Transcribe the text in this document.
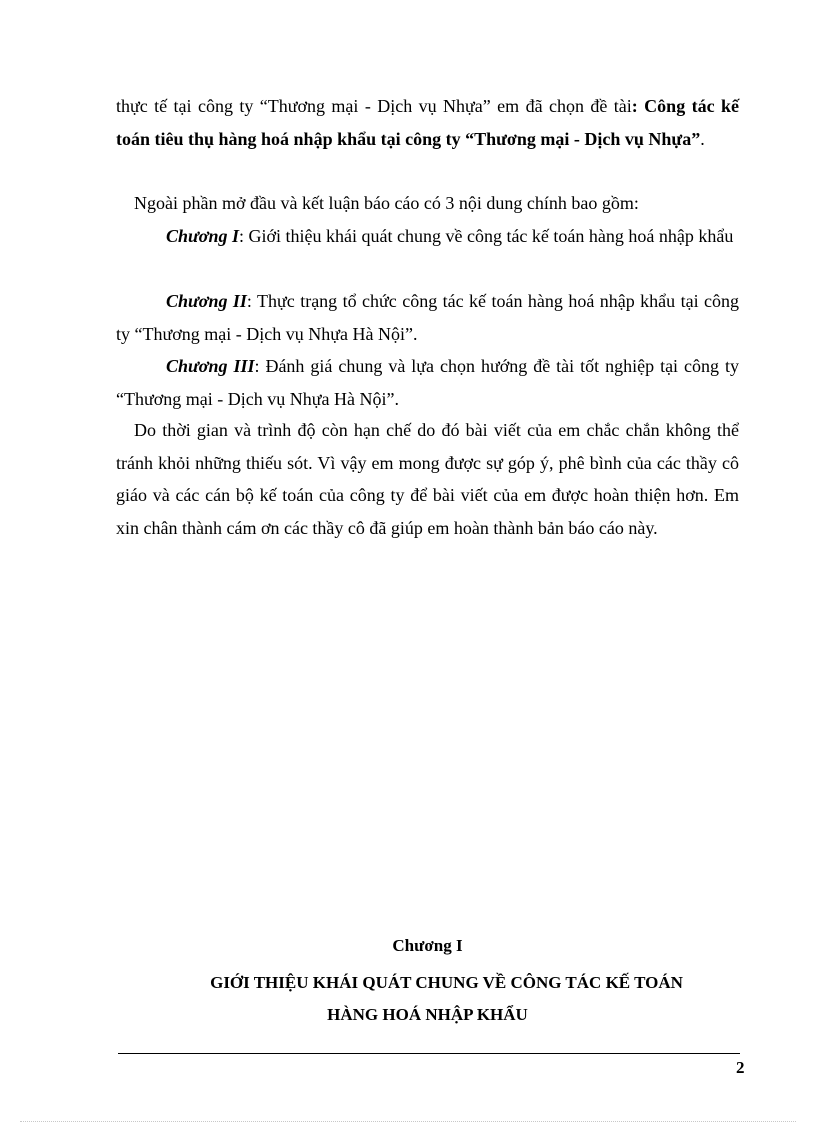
thực tế tại công ty “Thương mại - Dịch vụ Nhựa” em đã chọn đề tài: Công tác kế toán tiêu thụ hàng hoá nhập khẩu tại công ty “Thương mại - Dịch vụ Nhựa”.

Ngoài phần mở đầu và kết luận báo cáo có 3 nội dung chính bao gồm:

Chương I: Giới thiệu khái quát chung về công tác kế toán hàng hoá nhập khẩu

Chương II: Thực trạng tổ chức công tác kế toán hàng hoá nhập khẩu tại công ty “Thương mại - Dịch vụ Nhựa Hà Nội”.

Chương III: Đánh giá chung và lựa chọn hướng đề tài tốt nghiệp tại công ty “Thương mại - Dịch vụ Nhựa Hà Nội”.

Do thời gian và trình độ còn hạn chế do đó bài viết của em chắc chắn không thể tránh khỏi những thiếu sót. Vì vậy em mong được sự góp ý, phê bình của các thầy cô giáo và các cán bộ kế toán của công ty để bài viết của em được hoàn thiện hơn. Em xin chân thành cám ơn các thầy cô đã giúp em hoàn thành bản báo cáo này.

Chương I

GIỚI THIỆU KHÁI QUÁT CHUNG VỀ CÔNG TÁC KẾ TOÁN

HÀNG HOÁ NHẬP KHẨU

2
